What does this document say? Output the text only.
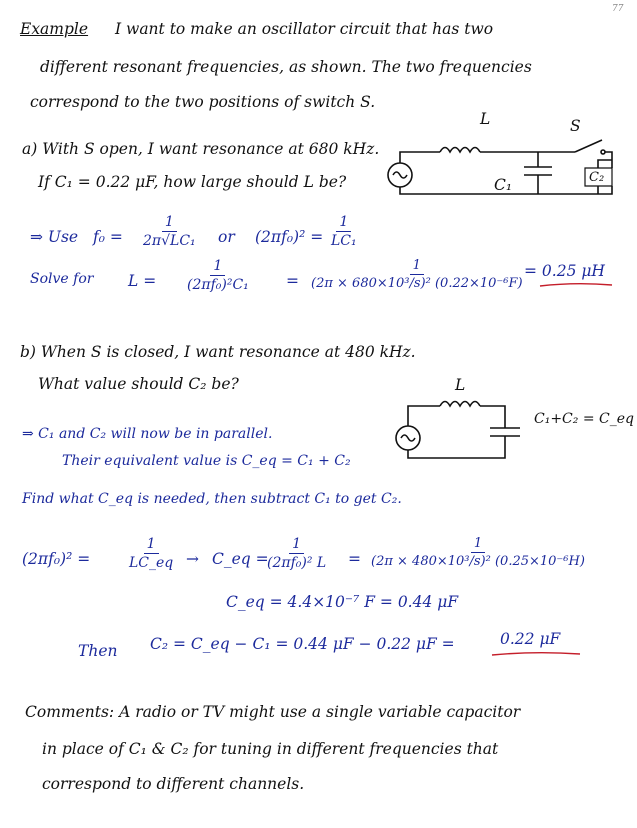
77
Example I want to make an oscillator circuit that has two
different resonant frequencies, as shown. The two frequencies
correspond to the two positions of switch S.
a) With S open, I want resonance at 680 kHz.
If C₁ = 0.22 μF, how large should L be?
L	S
C₁	C₂
⇒ Use $f_0 = \frac{1}{\text{2π√LC₁}}$ or $(2\pi f_0)^2 = \frac{1}{\text{LC₁}}$
Solve for $L = \frac{1}{\text{(2πf₀)²C₁}} = \frac{1}{\text{(2π × 680×10³/s)² (0.22×10⁻⁶F)}}$
= 0.25 μH
b) When S is closed, I want resonance at 480 kHz.
What value should C₂ be?	L
C₁+C₂ = C_eq
⇒ C₁ and C₂ will now be in parallel.
Their equivalent value is C_eq = C₁ + C₂
Find what C_eq is needed, then subtract C₁ to get C₂.
(2πf₀)² =	$\frac{1}{LC\_eq}$ → C_eq =
$\frac{1}{\text{(2πf₀)² L}} = \frac{1}{\text{(2π × 480×10³/s)² (0.25×10⁻⁶H)}}$
C_eq = 4.4×10⁻⁷ F = 0.44 μF
Then C₂ = C_eq − C₁ = 0.44 μF − 0.22 μF =	0.22 μF
Comments: A radio or TV might use a single variable capacitor
in place of C₁ & C₂ for tuning in different frequencies that
correspond to different channels.
